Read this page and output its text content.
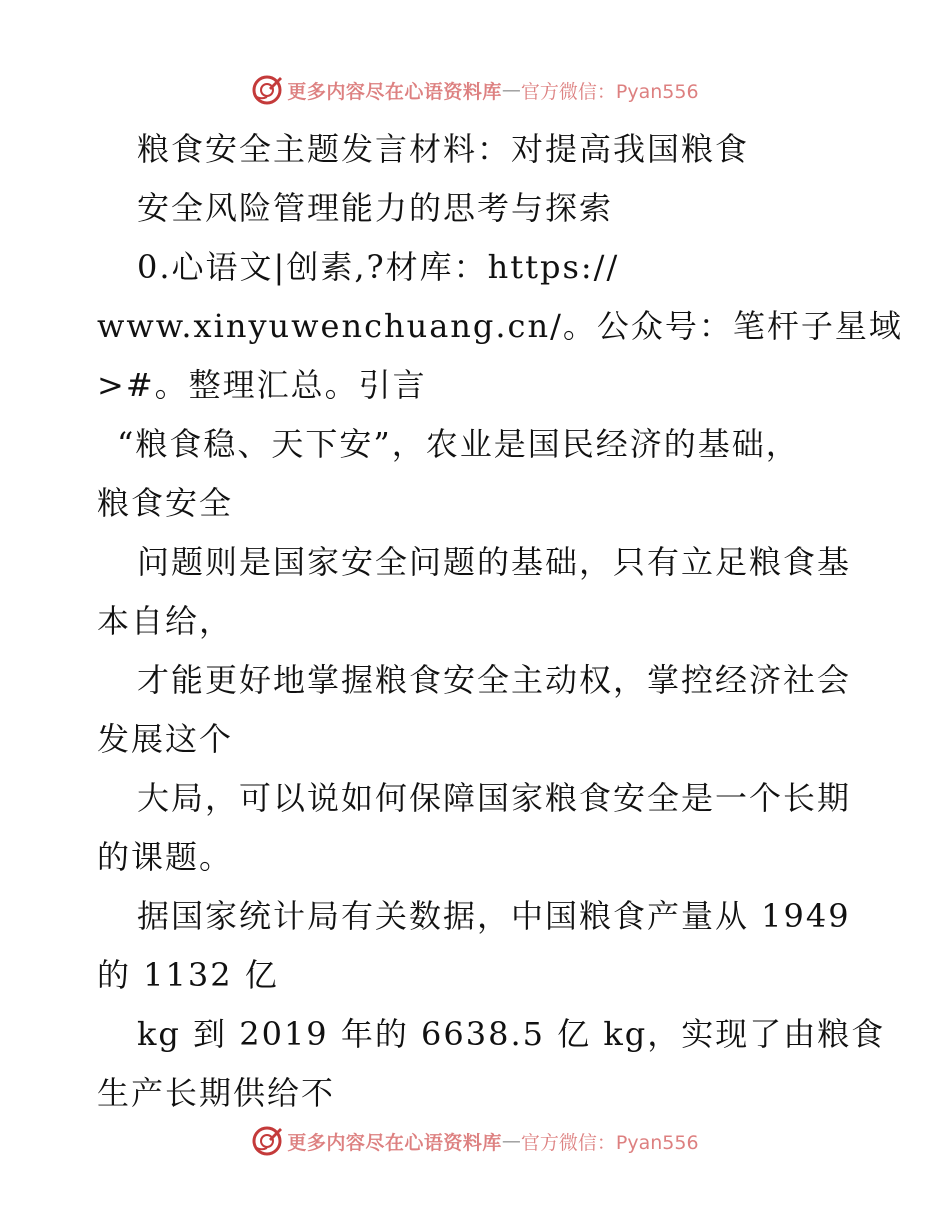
更多内容尽在心语资料库 — 官方微信：Pyan556
粮食安全主题发言材料：对提高我国粮食
安全风险管理能力的思考与探索
0.心语文|创素,?材库：https://
www.xinyuwenchuang.cn/。公众号：笔杆子星域
>#。整理汇总。引言
“粮食稳、天下安”，农业是国民经济的基础，
粮食安全
问题则是国家安全问题的基础，只有立足粮食基
本自给，
才能更好地掌握粮食安全主动权，掌控经济社会
发展这个
大局，可以说如何保障国家粮食安全是一个长期
的课题。
据国家统计局有关数据，中国粮食产量从 1949
的 1132 亿
kg 到 2019 年的 6638.5 亿 kg，实现了由粮食
生产长期供给不
更多内容尽在心语资料库 — 官方微信：Pyan556
